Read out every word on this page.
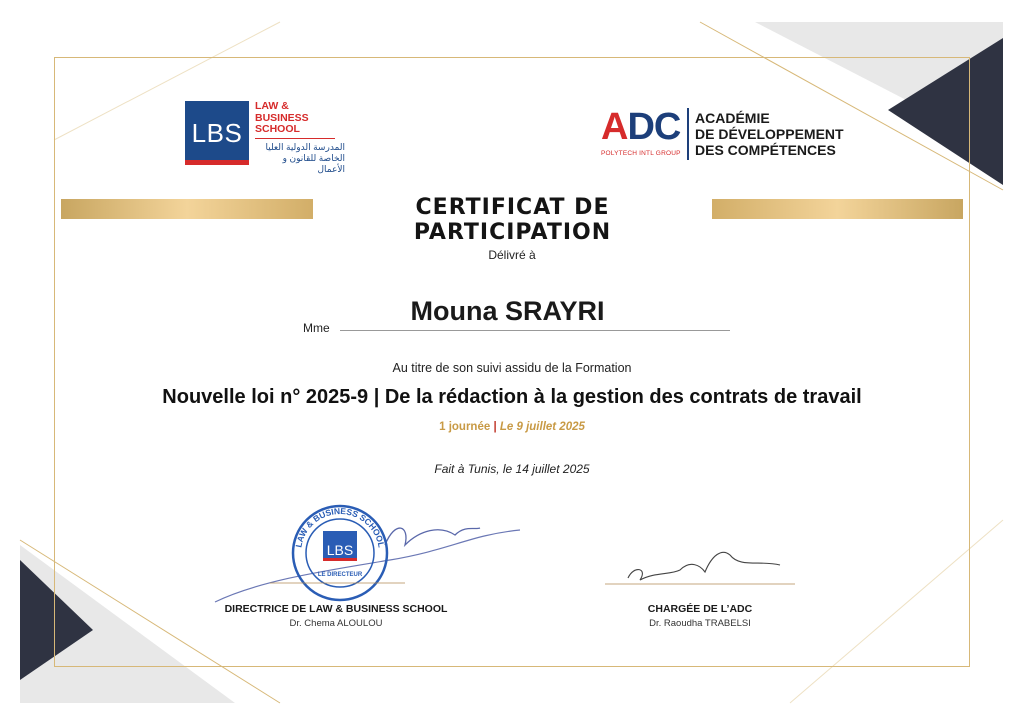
LBS
LAW &
BUSINESS
SCHOOL
المدرسة الدولية العليا الخاصة للقانون و الأعمال
ADC
POLYTECH INTL GROUP
ACADÉMIE
DE DÉVELOPPEMENT
DES COMPÉTENCES
CERTIFICAT DE PARTICIPATION
Délivré à
Mme
Mouna SRAYRI
Au titre de son suivi assidu de la Formation
Nouvelle loi n° 2025-9 | De la rédaction à la gestion des contrats de travail
1 journée | Le 9 juillet 2025
Fait à Tunis, le 14 juillet 2025
LBS
LAW & BUSINESS SCHOOL
LE DIRECTEUR
DIRECTRICE DE LAW & BUSINESS SCHOOL
Dr. Chema ALOULOU
CHARGÉE DE L’ADC
Dr. Raoudha TRABELSI
